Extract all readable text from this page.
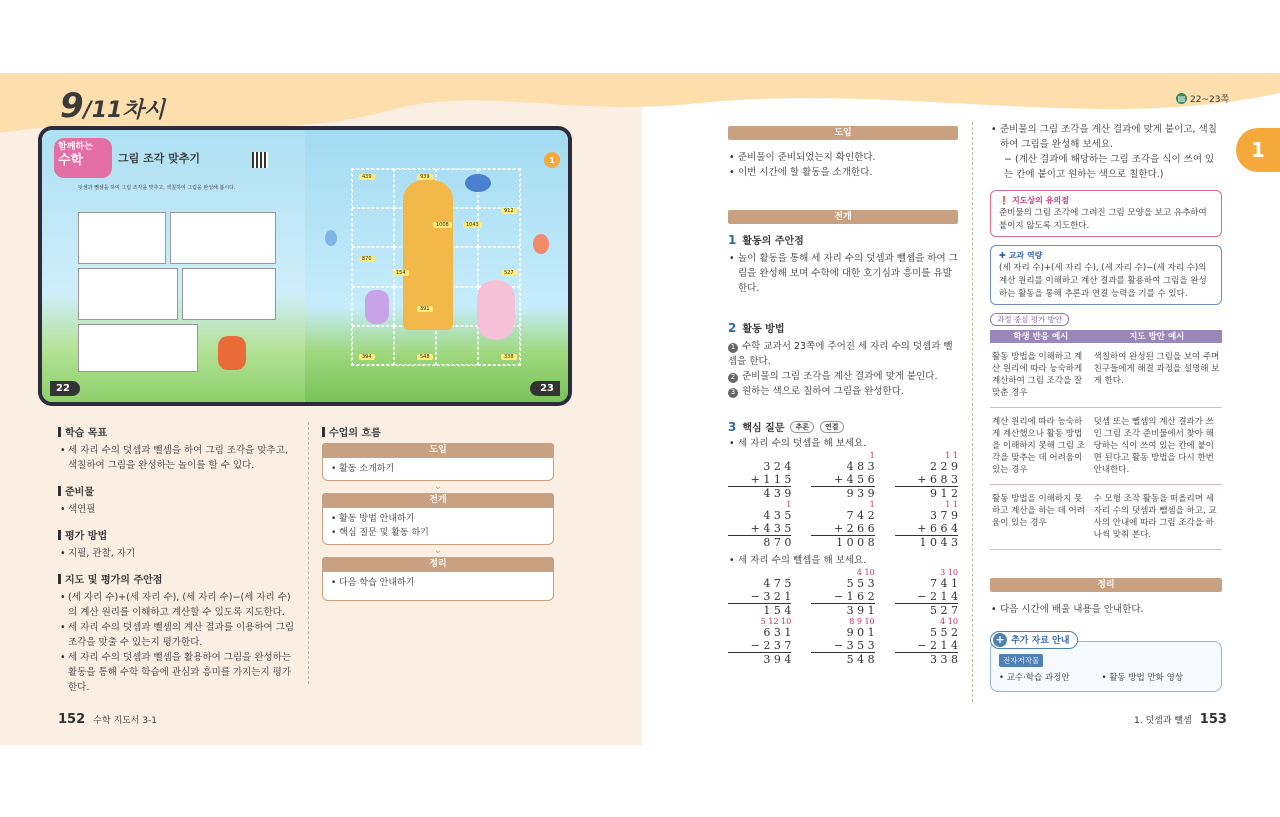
9/11차시	▤ 22~23쪽
1
함께하는
수학	그림 조각 맞추기
덧셈과 뺄셈을 하여 그림 조각을 맞추고, 색칠하여 그림을 완성해 봅시다.
22
439	939
912
1008	1043
870
154	527
391
394	548	338
1
23
학습 목표
• 세 자리 수의 덧셈과 뺄셈을 하여 그림 조각을 맞추고, 색칠하여 그림을 완성하는 놀이를 할 수 있다.
준비물
• 색연필
평가 방법
• 지필, 관찰, 자기
지도 및 평가의 주안점
• (세 자리 수)+(세 자리 수), (세 자리 수)−(세 자리 수)의 계산 원리를 이해하고 계산할 수 있도록 지도한다.
• 세 자리 수의 덧셈과 뺄셈의 계산 결과를 이용하여 그림 조각을 맞출 수 있는지 평가한다.
• 세 자리 수의 덧셈과 뺄셈을 활용하여 그림을 완성하는 활동을 통해 수학 학습에 관심과 흥미를 가지는지 평가한다.
수업의 흐름
도입
• 활동 소개하기
⌄
전개
• 활동 방법 안내하기
• 핵심 질문 및 활동 하기
⌄
정리
• 다음 학습 안내하기
152 수학 지도서 3-1	1. 덧셈과 뺄셈 153
도입
• 준비물이 준비되었는지 확인한다.
• 이번 시간에 할 활동을 소개한다.
전개
1 활동의 주안점
• 놀이 활동을 통해 세 자리 수의 덧셈과 뺄셈을 하여 그림을 완성해 보며 수학에 대한 호기심과 흥미를 유발한다.
2 활동 방법
1 수학 교과서 23쪽에 주어진 세 자리 수의 덧셈과 뺄셈을 한다.
2 준비물의 그림 조각을 계산 결과에 맞게 붙인다.
3 원하는 색으로 칠하여 그림을 완성한다.
3 핵심 질문	추론	연결
• 세 자리 수의 덧셈을 해 보세요.

3 2 4
+ 1 1 5
4 3 9
1
4 8 3
+ 4 5 6
9 3 9
1 1
2 2 9
+ 6 8 3
9 1 2
1
4 3 5
+ 4 3 5
8 7 0
1
7 4 2
+ 2 6 6
1 0 0 8
1 1
3 7 9
+ 6 6 4
1 0 4 3
• 세 자리 수의 뺄셈을 해 보세요.

4 7 5
− 3 2 1
1 5 4
4 10
5 5 3
− 1 6 2
3 9 1
3 10
7 4 1
− 2 1 4
5 2 7
5 12 10
6 3 1
− 2 3 7
3 9 4
8 9 10
9 0 1
− 3 5 3
5 4 8
4 10
5 5 2
− 2 1 4
3 3 8
• 준비물의 그림 조각을 계산 결과에 맞게 붙이고, 색칠하여 그림을 완성해 보세요.
− (계산 결과에 해당하는 그림 조각을 식이 쓰여 있는 칸에 붙이고 원하는 색으로 칠한다.)
❗ 지도상의 유의점
준비물의 그림 조각에 그려진 그림 모양을 보고 유추하여 붙이지 않도록 지도한다.
✚ 교과 역량
(세 자리 수)+(세 자리 수), (세 자리 수)−(세 자리 수)의 계산 원리를 이해하고 계산 결과를 활용하여 그림을 완성하는 활동을 통해 추론과 연결 능력을 기를 수 있다.
과정 중심 평가 방안
학생 반응 예시	지도 방안 예시
활동 방법을 이해하고 계산 원리에 따라 능숙하게 계산하여 그림 조각을 잘 맞춘 경우	색칠하여 완성된 그림을 보여 주며 친구들에게 해결 과정을 설명해 보게 한다.
계산 원리에 따라 능숙하게 계산했으나 활동 방법을 이해하지 못해 그림 조각을 맞추는 데 어려움이 있는 경우	덧셈 또는 뺄셈의 계산 결과가 쓰인 그림 조각 준비물에서 찾아 해당하는 식이 쓰여 있는 칸에 붙이면 된다고 활동 방법을 다시 한번 안내한다.
활동 방법을 이해하지 못하고 계산을 하는 데 어려움이 있는 경우	수 모형 조작 활동을 떠올리며 세 자리 수의 덧셈과 뺄셈을 하고, 교사의 안내에 따라 그림 조각을 하나씩 맞춰 본다.
정리
• 다음 시간에 배울 내용을 안내한다.
+ 추가 자료 안내
전자저작물
• 교수·학습 과정안	• 활동 방법 만화 영상
